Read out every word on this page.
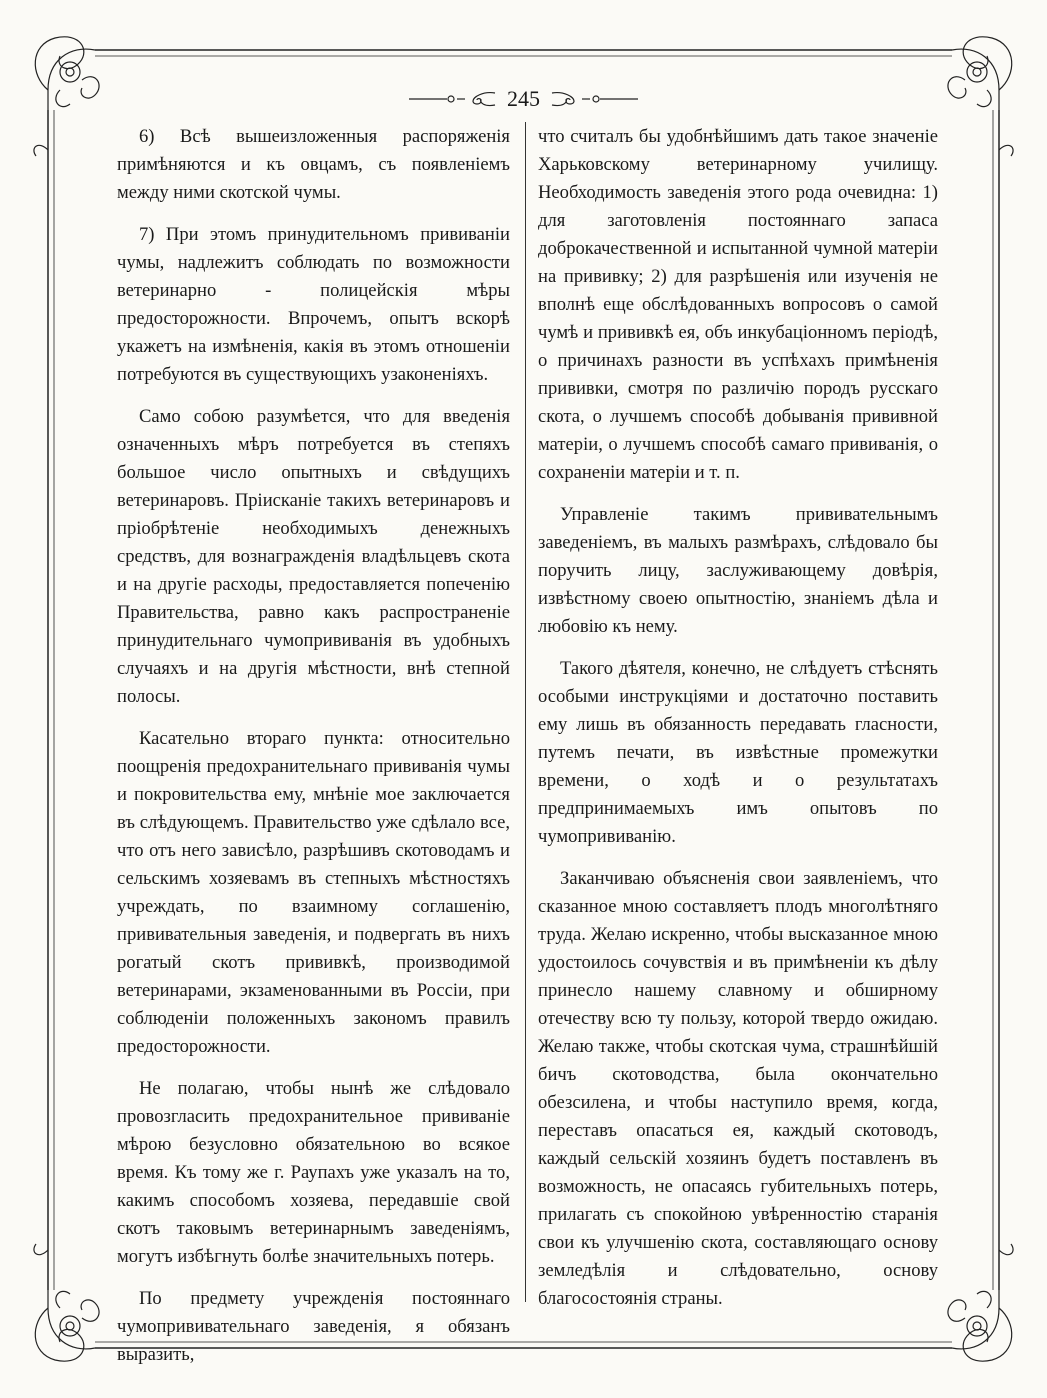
245

6) Всѣ вышеизложенныя распоряженія примѣняются и къ овцамъ, съ появленіемъ между ними скотской чумы.

7) При этомъ принудительномъ прививаніи чумы, надлежитъ соблюдать по возможности ветеринарно - полицейскія мѣры предосторожности. Впрочемъ, опытъ вскорѣ укажетъ на измѣненія, какія въ этомъ отношеніи потребуются въ существующихъ узаконеніяхъ.

Само собою разумѣется, что для введенія означенныхъ мѣръ потребуется въ степяхъ большое число опытныхъ и свѣдущихъ ветеринаровъ. Пріисканіе такихъ ветеринаровъ и пріобрѣтеніе необходимыхъ денежныхъ средствъ, для вознагражденія владѣльцевъ скота и на другіе расходы, предоставляется попеченію Правительства, равно какъ распространеніе принудительнаго чумопрививанія въ удобныхъ случаяхъ и на другія мѣстности, внѣ степной полосы.

Касательно втораго пункта: относительно поощренія предохранительнаго прививанія чумы и покровительства ему, мнѣніе мое заключается въ слѣдующемъ. Правительство уже сдѣлало все, что отъ него зависѣло, разрѣшивъ скотоводамъ и сельскимъ хозяевамъ въ степныхъ мѣстностяхъ учреждать, по взаимному соглашенію, прививательныя заведенія, и подвергать въ нихъ рогатый скотъ прививкѣ, производимой ветеринарами, экзаменованными въ Россіи, при соблюденіи положенныхъ закономъ правилъ предосторожности.

Не полагаю, чтобы нынѣ же слѣдовало провозгласить предохранительное прививаніе мѣрою безусловно обязательною во всякое время. Къ тому же г. Раупахъ уже указалъ на то, какимъ способомъ хозяева, передавшіе свой скотъ таковымъ ветеринарнымъ заведеніямъ, могутъ избѣгнуть болѣе значительныхъ потерь.

По предмету учрежденія постояннаго чумопрививательнаго заведенія, я обязанъ выразить,

что считалъ бы удобнѣйшимъ дать такое значеніе Харьковскому ветеринарному училищу. Необходимость заведенія этого рода очевидна: 1) для заготовленія постояннаго запаса доброкачественной и испытанной чумной матеріи на прививку; 2) для разрѣшенія или изученія не вполнѣ еще обслѣдованныхъ вопросовъ о самой чумѣ и прививкѣ ея, объ инкубаціонномъ періодѣ, о причинахъ разности въ успѣхахъ примѣненія прививки, смотря по различію породъ русскаго скота, о лучшемъ способѣ добыванія прививной матеріи, о лучшемъ способѣ самаго прививанія, о сохраненіи матеріи и т. п.

Управленіе такимъ прививательнымъ заведеніемъ, въ малыхъ размѣрахъ, слѣдовало бы поручить лицу, заслуживающему довѣрія, извѣстному своею опытностію, знаніемъ дѣла и любовію къ нему.

Такого дѣятеля, конечно, не слѣдуетъ стѣснять особыми инструкціями и достаточно поставить ему лишь въ обязанность передавать гласности, путемъ печати, въ извѣстные промежутки времени, о ходѣ и о результатахъ предпринимаемыхъ имъ опытовъ по чумопрививанію.

Заканчиваю объясненія свои заявленіемъ, что сказанное мною составляетъ плодъ многолѣтняго труда. Желаю искренно, чтобы высказанное мною удостоилось сочувствія и въ примѣненіи къ дѣлу принесло нашему славному и обширному отечеству всю ту пользу, которой твердо ожидаю. Желаю также, чтобы скотская чума, страшнѣйшій бичъ скотоводства, была окончательно обезсилена, и чтобы наступило время, когда, переставъ опасаться ея, каждый скотоводъ, каждый сельскій хозяинъ будетъ поставленъ въ возможность, не опасаясь губительныхъ потерь, прилагать съ спокойною увѣренностію старанія свои къ улучшенію скота, составляющаго основу земледѣлія и слѣдовательно, основу благосостоянія страны.
